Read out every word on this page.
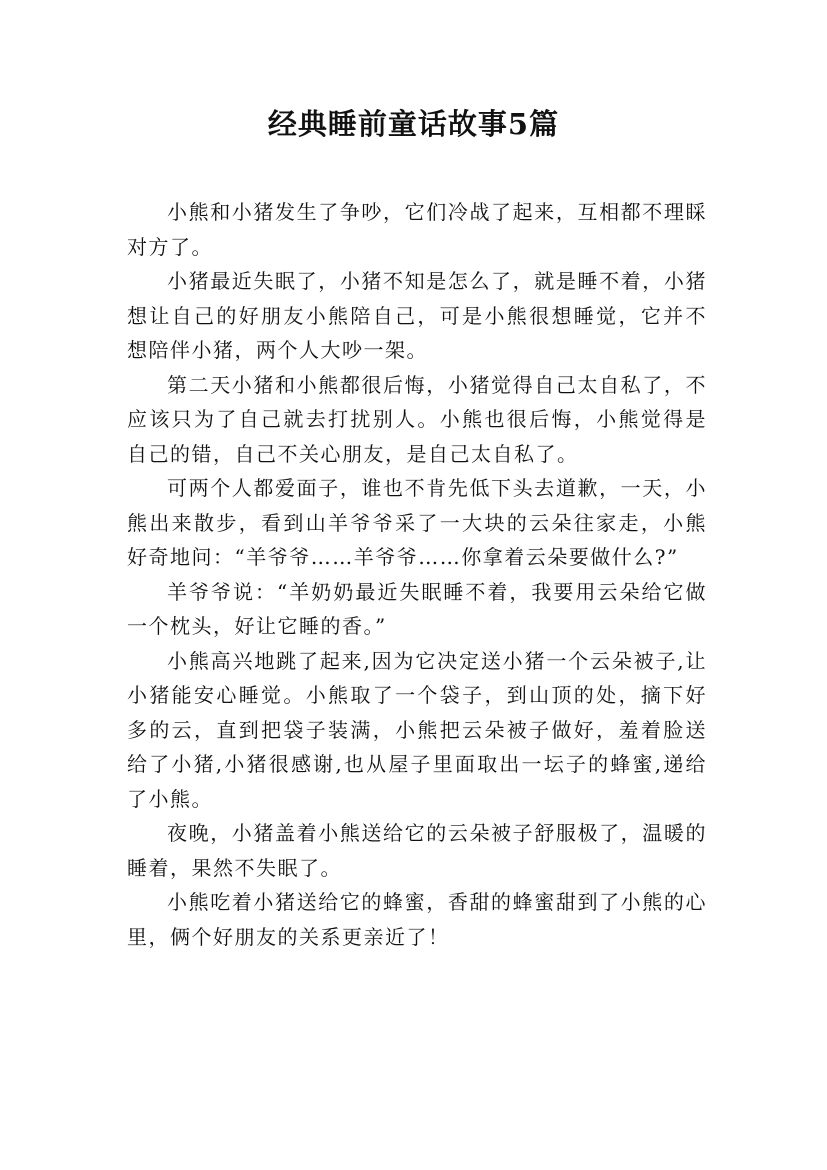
经典睡前童话故事5篇

小熊和小猪发生了争吵，它们冷战了起来，互相都不理睬对方了。

小猪最近失眠了，小猪不知是怎么了，就是睡不着，小猪想让自己的好朋友小熊陪自己，可是小熊很想睡觉，它并不想陪伴小猪，两个人大吵一架。

第二天小猪和小熊都很后悔，小猪觉得自己太自私了，不应该只为了自己就去打扰别人。小熊也很后悔，小熊觉得是自己的错，自己不关心朋友，是自己太自私了。

可两个人都爱面子，谁也不肯先低下头去道歉，一天，小熊出来散步，看到山羊爷爷采了一大块的云朵往家走，小熊好奇地问：“羊爷爷……羊爷爷……你拿着云朵要做什么?”

羊爷爷说：“羊奶奶最近失眠睡不着，我要用云朵给它做一个枕头，好让它睡的香。”

小熊高兴地跳了起来,因为它决定送小猪一个云朵被子,让小猪能安心睡觉。小熊取了一个袋子，到山顶的处，摘下好多的云，直到把袋子装满，小熊把云朵被子做好，羞着脸送给了小猪,小猪很感谢,也从屋子里面取出一坛子的蜂蜜,递给了小熊。

夜晚，小猪盖着小熊送给它的云朵被子舒服极了，温暖的睡着，果然不失眠了。

小熊吃着小猪送给它的蜂蜜，香甜的蜂蜜甜到了小熊的心里，俩个好朋友的关系更亲近了！
